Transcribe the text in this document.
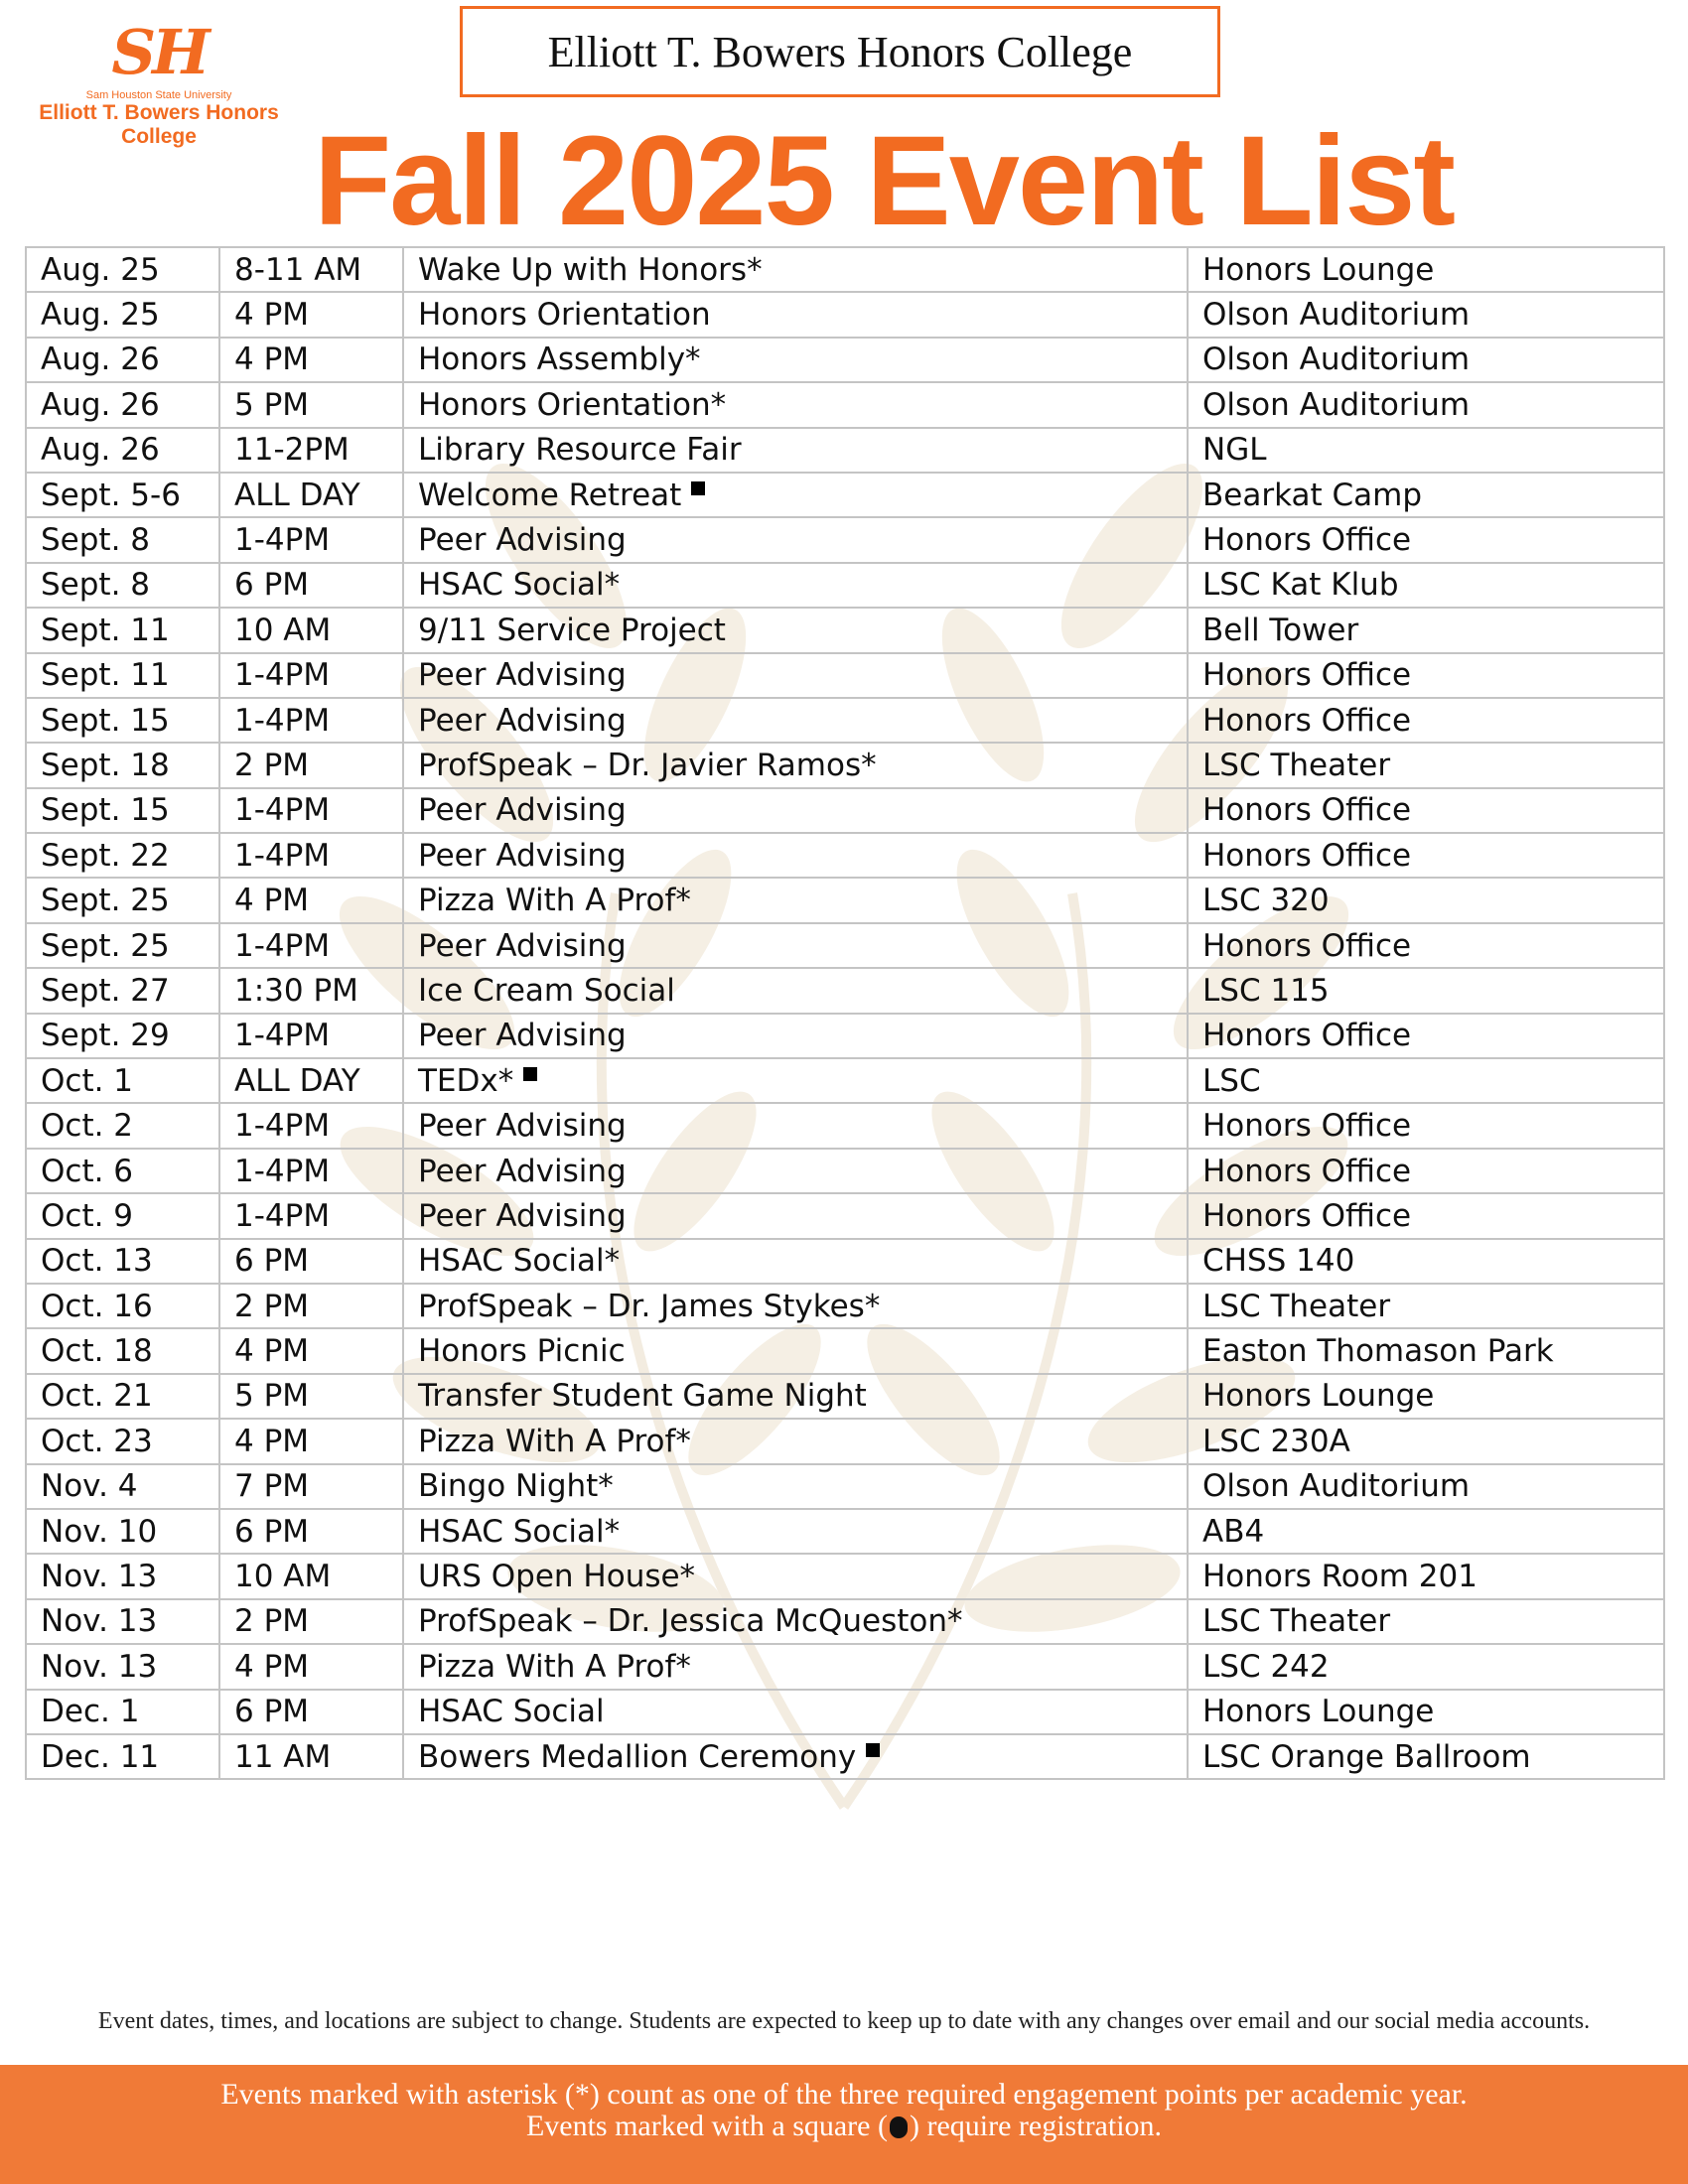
SH
Sam Houston State University
Elliott T. Bowers Honors
College
Elliott T. Bowers Honors College
Fall 2025 Event List
Aug. 25	8-11 AM	Wake Up with Honors*	Honors Lounge
Aug. 25	4 PM	Honors Orientation	Olson Auditorium
Aug. 26	4 PM	Honors Assembly*	Olson Auditorium
Aug. 26	5 PM	Honors Orientation*	Olson Auditorium
Aug. 26	11-2PM	Library Resource Fair	NGL
Sept. 5-6	ALL DAY	Welcome Retreat	Bearkat Camp
Sept. 8	1-4PM	Peer Advising	Honors Office
Sept. 8	6 PM	HSAC Social*	LSC Kat Klub
Sept. 11	10 AM	9/11 Service Project	Bell Tower
Sept. 11	1-4PM	Peer Advising	Honors Office
Sept. 15	1-4PM	Peer Advising	Honors Office
Sept. 18	2 PM	ProfSpeak – Dr. Javier Ramos*	LSC Theater
Sept. 15	1-4PM	Peer Advising	Honors Office
Sept. 22	1-4PM	Peer Advising	Honors Office
Sept. 25	4 PM	Pizza With A Prof*	LSC 320
Sept. 25	1-4PM	Peer Advising	Honors Office
Sept. 27	1:30 PM	Ice Cream Social	LSC 115
Sept. 29	1-4PM	Peer Advising	Honors Office
Oct. 1	ALL DAY	TEDx*	LSC
Oct. 2	1-4PM	Peer Advising	Honors Office
Oct. 6	1-4PM	Peer Advising	Honors Office
Oct. 9	1-4PM	Peer Advising	Honors Office
Oct. 13	6 PM	HSAC Social*	CHSS 140
Oct. 16	2 PM	ProfSpeak – Dr. James Stykes*	LSC Theater
Oct. 18	4 PM	Honors Picnic	Easton Thomason Park
Oct. 21	5 PM	Transfer Student Game Night	Honors Lounge
Oct. 23	4 PM	Pizza With A Prof*	LSC 230A
Nov. 4	7 PM	Bingo Night*	Olson Auditorium
Nov. 10	6 PM	HSAC Social*	AB4
Nov. 13	10 AM	URS Open House*	Honors Room 201
Nov. 13	2 PM	ProfSpeak – Dr. Jessica McQueston*	LSC Theater
Nov. 13	4 PM	Pizza With A Prof*	LSC 242
Dec. 1	6 PM	HSAC Social	Honors Lounge
Dec. 11	11 AM	Bowers Medallion Ceremony	LSC Orange Ballroom
Event dates, times, and locations are subject to change. Students are expected to keep up to date with any changes over email and our social media accounts.
Events marked with asterisk (*) count as one of the three required engagement points per academic year.
Events marked with a square ( ) require registration.
